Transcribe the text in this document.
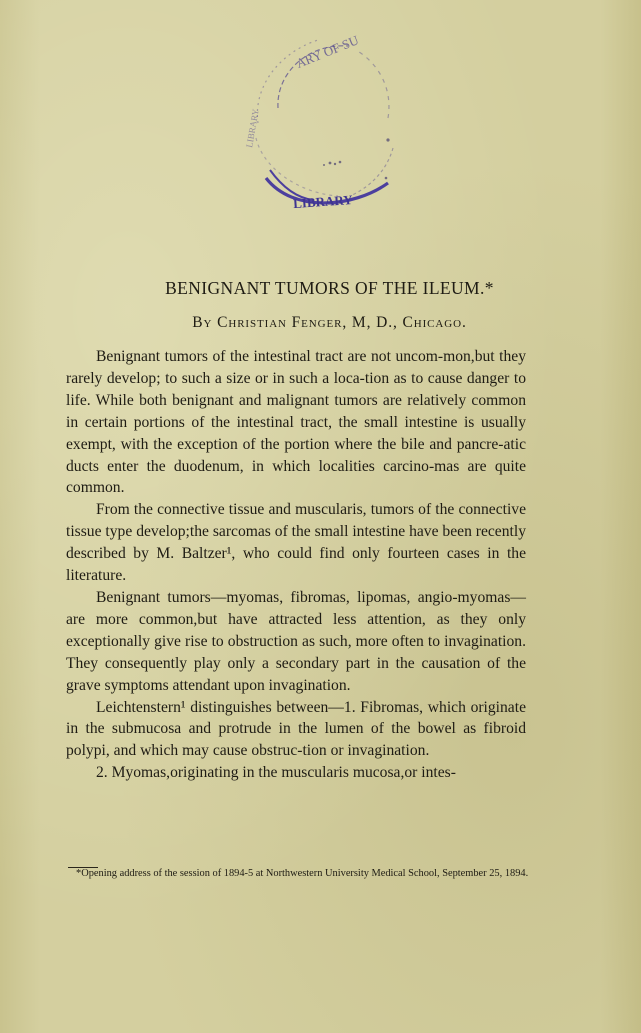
ARY OF SU
LIBRARY
LIBRARY
BENIGNANT TUMORS OF THE ILEUM.*
By Christian Fenger, M, D., Chicago.

Benignant tumors of the intestinal tract are not uncom-mon,but they rarely develop; to such a size or in such a loca-tion as to cause danger to life. While both benignant and malignant tumors are relatively common in certain portions of the intestinal tract, the small intestine is usually exempt, with the exception of the portion where the bile and pancre-atic ducts enter the duodenum, in which localities carcino-mas are quite common.

From the connective tissue and muscularis, tumors of the connective tissue type develop;the sarcomas of the small intestine have been recently described by M. Baltzer¹, who could find only fourteen cases in the literature.

Benignant tumors—myomas, fibromas, lipomas, angio-myomas—are more common,but have attracted less attention, as they only exceptionally give rise to obstruction as such, more often to invagination. They consequently play only a secondary part in the causation of the grave symptoms attendant upon invagination.

Leichtenstern¹ distinguishes between—1. Fibromas, which originate in the submucosa and protrude in the lumen of the bowel as fibroid polypi, and which may cause obstruc-tion or invagination.

2. Myomas,originating in the muscularis mucosa,or intes-

*Opening address of the session of 1894-5 at Northwestern University Medical School, September 25, 1894.
